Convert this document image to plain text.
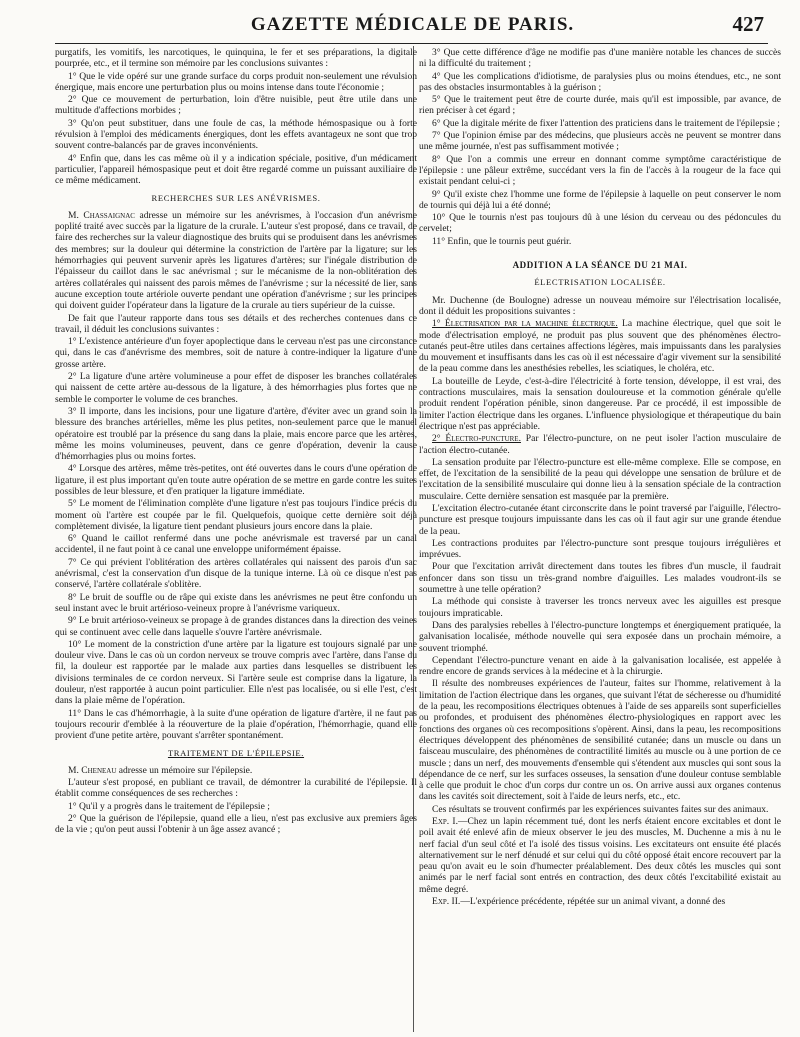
GAZETTE MÉDICALE DE PARIS.	427

purgatifs, les vomitifs, les narcotiques, le quinquina, le fer et ses préparations, la digitale pourprée, etc., et il termine son mémoire par les conclusions suivantes :

1° Que le vide opéré sur une grande surface du corps produit non-seulement une révulsion énergique, mais encore une perturbation plus ou moins intense dans toute l'économie ;

2° Que ce mouvement de perturbation, loin d'être nuisible, peut être utile dans une multitude d'affections morbides ;

3° Qu'on peut substituer, dans une foule de cas, la méthode hémospasique ou à forte révulsion à l'emploi des médicaments énergiques, dont les effets avantageux ne sont que trop souvent contre-balancés par de graves inconvénients.

4° Enfin que, dans les cas même où il y a indication spéciale, positive, d'un médicament particulier, l'appareil hémospasique peut et doit être regardé comme un puissant auxiliaire de ce même médicament.

RECHERCHES SUR LES ANÉVRISMES.

M. Chassaignac adresse un mémoire sur les anévrismes, à l'occasion d'un anévrisme poplité traité avec succès par la ligature de la crurale. L'auteur s'est proposé, dans ce travail, de faire des recherches sur la valeur diagnostique des bruits qui se produisent dans les anévrismes des membres; sur la douleur qui détermine la constriction de l'artère par la ligature; sur les hémorrhagies qui peuvent survenir après les ligatures d'artères; sur l'inégale distribution de l'épaisseur du caillot dans le sac anévrismal ; sur le mécanisme de la non-oblitération des artères collatérales qui naissent des parois mêmes de l'anévrisme ; sur la nécessité de lier, sans aucune exception toute artériole ouverte pendant une opération d'anévrisme ; sur les principes qui doivent guider l'opérateur dans la ligature de la crurale au tiers supérieur de la cuisse.

De fait que l'auteur rapporte dans tous ses détails et des recherches contenues dans ce travail, il déduit les conclusions suivantes :

1° L'existence antérieure d'un foyer apoplectique dans le cerveau n'est pas une circonstance qui, dans le cas d'anévrisme des membres, soit de nature à contre-indiquer la ligature d'une grosse artère.

2° La ligature d'une artère volumineuse a pour effet de disposer les branches collatérales qui naissent de cette artère au-dessous de la ligature, à des hémorrhagies plus fortes que ne semble le comporter le volume de ces branches.

3° Il importe, dans les incisions, pour une ligature d'artère, d'éviter avec un grand soin la blessure des branches artérielles, même les plus petites, non-seulement parce que le manuel opératoire est troublé par la présence du sang dans la plaie, mais encore parce que les artères, même les moins volumineuses, peuvent, dans ce genre d'opération, devenir la cause d'hémorrhagies plus ou moins fortes.

4° Lorsque des artères, même très-petites, ont été ouvertes dans le cours d'une opération de ligature, il est plus important qu'en toute autre opération de se mettre en garde contre les suites possibles de leur blessure, et d'en pratiquer la ligature immédiate.

5° Le moment de l'élimination complète d'une ligature n'est pas toujours l'indice précis du moment où l'artère est coupée par le fil. Quelquefois, quoique cette dernière soit déjà complètement divisée, la ligature tient pendant plusieurs jours encore dans la plaie.

6° Quand le caillot renfermé dans une poche anévrismale est traversé par un canal accidentel, il ne faut point à ce canal une enveloppe uniformément épaisse.

7° Ce qui prévient l'oblitération des artères collatérales qui naissent des parois d'un sac anévrismal, c'est la conservation d'un disque de la tunique interne. Là où ce disque n'est pas conservé, l'artère collatérale s'oblitère.

8° Le bruit de souffle ou de râpe qui existe dans les anévrismes ne peut être confondu un seul instant avec le bruit artérioso-veineux propre à l'anévrisme variqueux.

9° Le bruit artérioso-veineux se propage à de grandes distances dans la direction des veines qui se continuent avec celle dans laquelle s'ouvre l'artère anévrismale.

10° Le moment de la constriction d'une artère par la ligature est toujours signalé par une douleur vive. Dans le cas où un cordon nerveux se trouve compris avec l'artère, dans l'anse du fil, la douleur est rapportée par le malade aux parties dans lesquelles se distribuent les divisions terminales de ce cordon nerveux. Si l'artère seule est comprise dans la ligature, la douleur, n'est rapportée à aucun point particulier. Elle n'est pas localisée, ou si elle l'est, c'est dans la plaie même de l'opération.

11° Dans le cas d'hémorrhagie, à la suite d'une opération de ligature d'artère, il ne faut pas toujours recourir d'emblée à la réouverture de la plaie d'opération, l'hémorrhagie, quand elle provient d'une petite artère, pouvant s'arrêter spontanément.

TRAITEMENT DE L'ÉPILEPSIE.

M. Cheneau adresse un mémoire sur l'épilepsie.

L'auteur s'est proposé, en publiant ce travail, de démontrer la curabilité de l'épilepsie. Il établit comme conséquences de ses recherches :

1° Qu'il y a progrès dans le traitement de l'épilepsie ;

2° Que la guérison de l'épilepsie, quand elle a lieu, n'est pas exclusive aux premiers âges de la vie ; qu'on peut aussi l'obtenir à un âge assez avancé ;

3° Que cette différence d'âge ne modifie pas d'une manière notable les chances de succès ni la difficulté du traitement ;

4° Que les complications d'idiotisme, de paralysies plus ou moins étendues, etc., ne sont pas des obstacles insurmontables à la guérison ;

5° Que le traitement peut être de courte durée, mais qu'il est impossible, par avance, de rien préciser à cet égard ;

6° Que la digitale mérite de fixer l'attention des praticiens dans le traitement de l'épilepsie ;

7° Que l'opinion émise par des médecins, que plusieurs accès ne peuvent se montrer dans une même journée, n'est pas suffisamment motivée ;

8° Que l'on a commis une erreur en donnant comme symptôme caractéristique de l'épilepsie : une pâleur extrême, succédant vers la fin de l'accès à la rougeur de la face qui existait pendant celui-ci ;

9° Qu'il existe chez l'homme une forme de l'épilepsie à laquelle on peut conserver le nom de tournis qui déjà lui a été donné;

10° Que le tournis n'est pas toujours dû à une lésion du cerveau ou des pédoncules du cervelet;

11° Enfin, que le tournis peut guérir.

ADDITION A LA SÉANCE DU 21 MAI.
ÉLECTRISATION LOCALISÉE.

Mr. Duchenne (de Boulogne) adresse un nouveau mémoire sur l'électrisation localisée, dont il déduit les propositions suivantes :

1° Électrisation par la machine électrique. La machine électrique, quel que soit le mode d'électrisation employé, ne produit pas plus souvent que des phénomènes électro-cutanés peut-être utiles dans certaines affections légères, mais impuissants dans les paralysies du mouvement et insuffisants dans les cas où il est nécessaire d'agir vivement sur la sensibilité de la peau comme dans les anesthésies rebelles, les sciatiques, le choléra, etc.

La bouteille de Leyde, c'est-à-dire l'électricité à forte tension, développe, il est vrai, des contractions musculaires, mais la sensation douloureuse et la commotion générale qu'elle produit rendent l'opération pénible, sinon dangereuse. Par ce procédé, il est impossible de limiter l'action électrique dans les organes. L'influence physiologique et thérapeutique du bain électrique n'est pas appréciable.

2° Électro-puncture. Par l'électro-puncture, on ne peut isoler l'action musculaire de l'action électro-cutanée.

La sensation produite par l'électro-puncture est elle-même complexe. Elle se compose, en effet, de l'excitation de la sensibilité de la peau qui développe une sensation de brûlure et de l'excitation de la sensibilité musculaire qui donne lieu à la sensation spéciale de la contraction musculaire. Cette dernière sensation est masquée par la première.

L'excitation électro-cutanée étant circonscrite dans le point traversé par l'aiguille, l'électro-puncture est presque toujours impuissante dans les cas où il faut agir sur une grande étendue de la peau.

Les contractions produites par l'électro-puncture sont presque toujours irrégulières et imprévues.

Pour que l'excitation arrivât directement dans toutes les fibres d'un muscle, il faudrait enfoncer dans son tissu un très-grand nombre d'aiguilles. Les malades voudront-ils se soumettre à une telle opération?

La méthode qui consiste à traverser les troncs nerveux avec les aiguilles est presque toujours impraticable.

Dans des paralysies rebelles à l'électro-puncture longtemps et énergiquement pratiquée, la galvanisation localisée, méthode nouvelle qui sera exposée dans un prochain mémoire, a souvent triomphé.

Cependant l'électro-puncture venant en aide à la galvanisation localisée, est appelée à rendre encore de grands services à la médecine et à la chirurgie.

Il résulte des nombreuses expériences de l'auteur, faites sur l'homme, relativement à la limitation de l'action électrique dans les organes, que suivant l'état de sécheresse ou d'humidité de la peau, les recompositions électriques obtenues à l'aide de ses appareils sont superficielles ou profondes, et produisent des phénomènes électro-physiologiques en rapport avec les fonctions des organes où ces recompositions s'opèrent. Ainsi, dans la peau, les recompositions électriques développent des phénomènes de sensibilité cutanée; dans un muscle ou dans un faisceau musculaire, des phénomènes de contractilité limités au muscle ou à une portion de ce muscle ; dans un nerf, des mouvements d'ensemble qui s'étendent aux muscles qui sont sous la dépendance de ce nerf, sur les surfaces osseuses, la sensation d'une douleur contuse semblable à celle que produit le choc d'un corps dur contre un os. On arrive aussi aux organes contenus dans les cavités soit directement, soit à l'aide de leurs nerfs, etc., etc.

Ces résultats se trouvent confirmés par les expériences suivantes faites sur des animaux.

Exp. I.—Chez un lapin récemment tué, dont les nerfs étaient encore excitables et dont le poil avait été enlevé afin de mieux observer le jeu des muscles, M. Duchenne a mis à nu le nerf facial d'un seul côté et l'a isolé des tissus voisins. Les excitateurs ont ensuite été placés alternativement sur le nerf dénudé et sur celui qui du côté opposé était encore recouvert par la peau qu'on avait eu le soin d'humecter préalablement. Des deux côtés les muscles qui sont animés par le nerf facial sont entrés en contraction, des deux côtés l'excitabilité existait au même degré.

Exp. II.—L'expérience précédente, répétée sur un animal vivant, a donné des
